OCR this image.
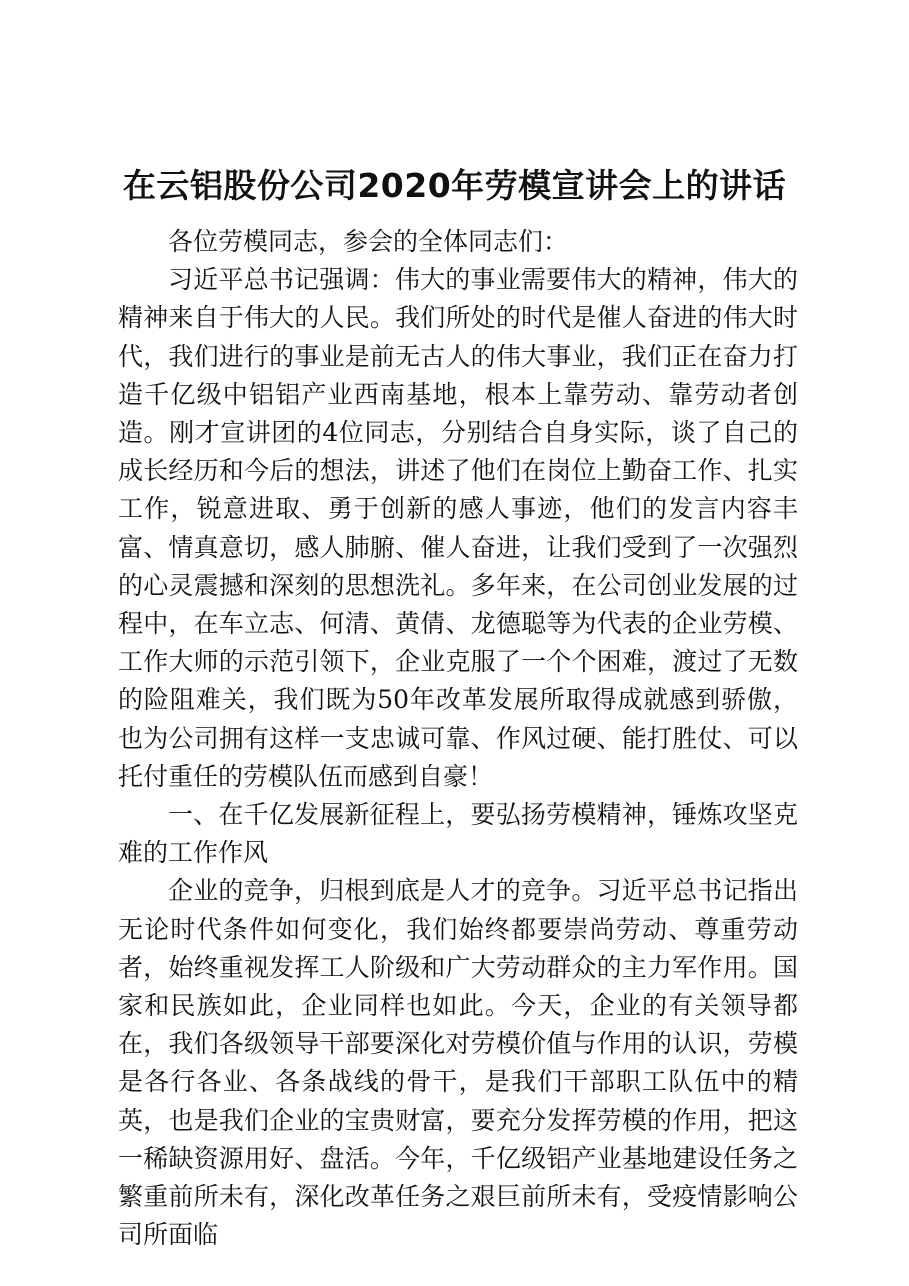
在云铝股份公司2020年劳模宣讲会上的讲话

各位劳模同志，参会的全体同志们：

习近平总书记强调：伟大的事业需要伟大的精神，伟大的精神来自于伟大的人民。我们所处的时代是催人奋进的伟大时代，我们进行的事业是前无古人的伟大事业，我们正在奋力打造千亿级中铝铝产业西南基地，根本上靠劳动、靠劳动者创造。刚才宣讲团的4位同志，分别结合自身实际，谈了自己的成长经历和今后的想法，讲述了他们在岗位上勤奋工作、扎实工作，锐意进取、勇于创新的感人事迹，他们的发言内容丰富、情真意切，感人肺腑、催人奋进，让我们受到了一次强烈的心灵震撼和深刻的思想洗礼。多年来，在公司创业发展的过程中，在车立志、何清、黄倩、龙德聪等为代表的企业劳模、工作大师的示范引领下，企业克服了一个个困难，渡过了无数的险阻难关，我们既为50年改革发展所取得成就感到骄傲，也为公司拥有这样一支忠诚可靠、作风过硬、能打胜仗、可以托付重任的劳模队伍而感到自豪！

一、在千亿发展新征程上，要弘扬劳模精神，锤炼攻坚克难的工作作风

企业的竞争，归根到底是人才的竞争。习近平总书记指出无论时代条件如何变化，我们始终都要崇尚劳动、尊重劳动者，始终重视发挥工人阶级和广大劳动群众的主力军作用。国家和民族如此，企业同样也如此。今天，企业的有关领导都在，我们各级领导干部要深化对劳模价值与作用的认识，劳模是各行各业、各条战线的骨干，是我们干部职工队伍中的精英，也是我们企业的宝贵财富，要充分发挥劳模的作用，把这一稀缺资源用好、盘活。今年，千亿级铝产业基地建设任务之繁重前所未有，深化改革任务之艰巨前所未有，受疫情影响公司所面临
